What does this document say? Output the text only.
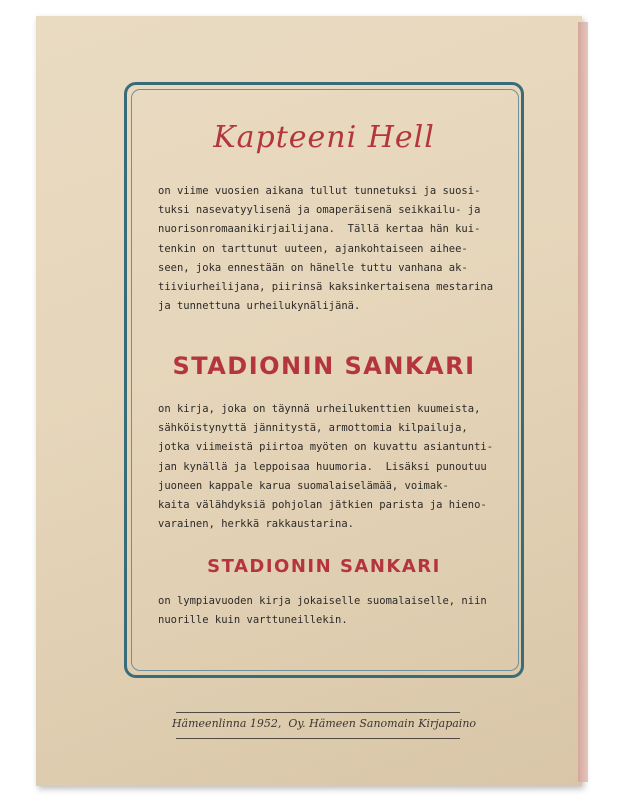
Kapteeni Hell
on viime vuosien aikana tullut tunnetuksi ja suosi-
tuksi nasevatyylisenä ja omaperäisenä seikkailu- ja
nuorisonromaanikirjailijana.  Tällä kertaa hän kui-
tenkin on tarttunut uuteen, ajankohtaiseen aihee-
seen, joka ennestään on hänelle tuttu vanhana ak-
tiiviurheilijana, piirinsä kaksinkertaisena mestarina
ja tunnettuna urheilukynälijänä.
STADIONIN SANKARI
on kirja, joka on täynnä urheilukenttien kuumeista,
sähköistynyttä jännitystä, armottomia kilpailuja,
jotka viimeistä piirtoa myöten on kuvattu asiantunti-
jan kynällä ja leppoisaa huumoria.  Lisäksi punoutuu
juoneen kappale karua suomalaiselämää, voimak-
kaita välähdyksiä pohjolan jätkien parista ja hieno-
varainen, herkkä rakkaustarina.
STADIONIN SANKARI
on lympiavuoden kirja jokaiselle suomalaiselle, niin
nuorille kuin varttuneillekin.
Hämeenlinna 1952,  Oy. Hämeen Sanomain Kirjapaino
